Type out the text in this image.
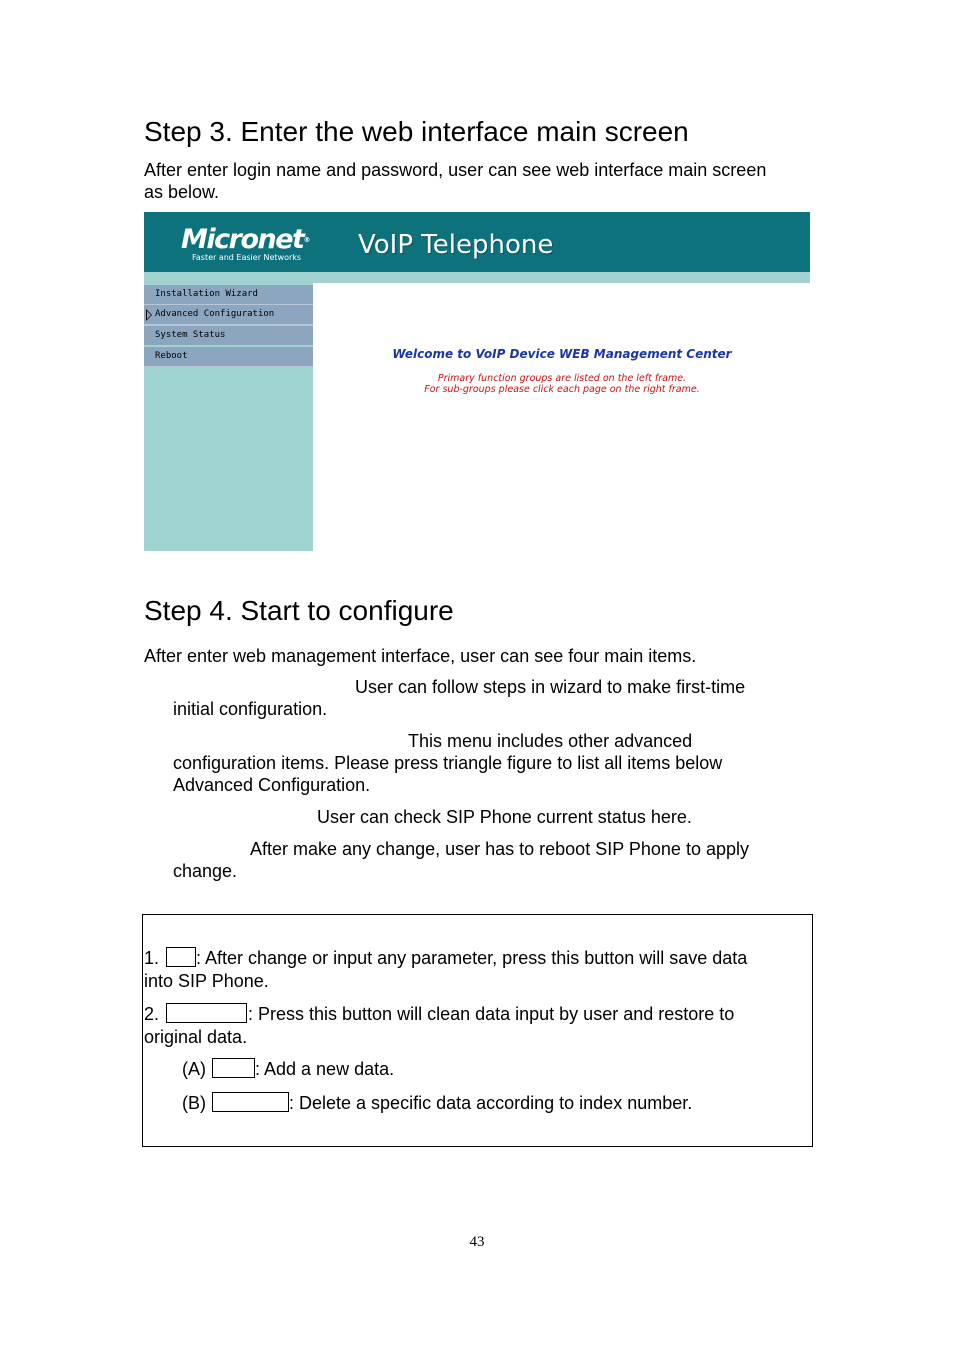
Step 3. Enter the web interface main screen

After enter login name and password, user can see web interface main screen

as below.

Micronet®
Faster and Easier Networks VoIP Telephone
Installation Wizard
Advanced Configuration
System Status
Reboot	Welcome to VoIP Device WEB Management Center
Primary function groups are listed on the left frame.
For sub-groups please click each page on the right frame.
Step 4. Start to configure

After enter web management interface, user can see four main items.

User can follow steps in wizard to make first-time

initial configuration.

This menu includes other advanced

configuration items. Please press triangle figure to list all items below

Advanced Configuration.

User can check SIP Phone current status here.

After make any change, user has to reboot SIP Phone to apply

change.

1. : After change or input any parameter, press this button will save data

into SIP Phone.

2.	: Press this button will clean data input by user and restore to

original data.

(A)	: Add a new data.

(B)	: Delete a specific data according to index number.

43
